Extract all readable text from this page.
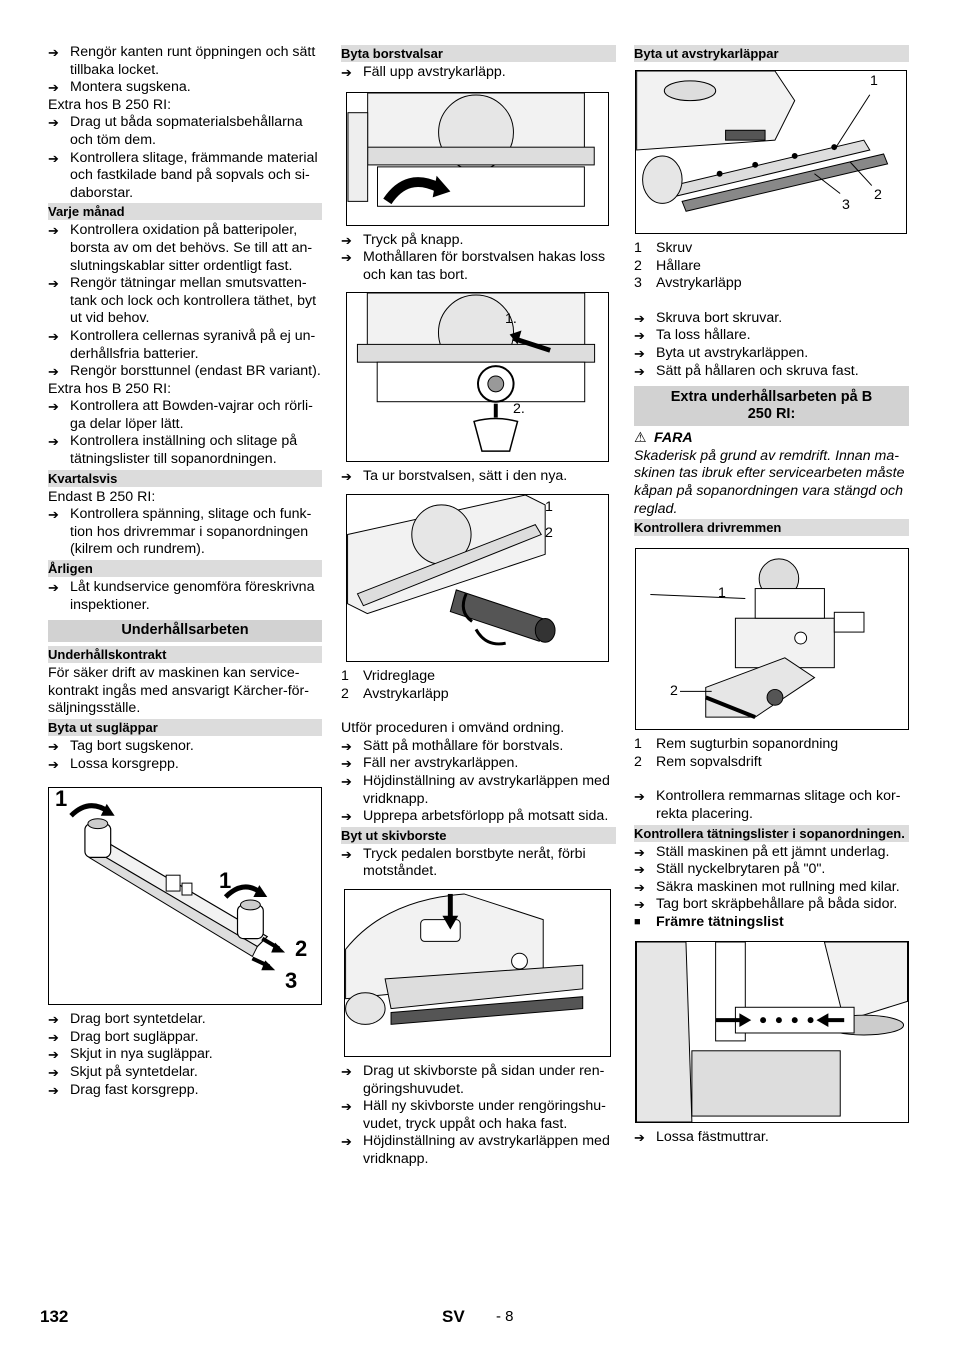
➔ Rengör kanten runt öppningen och sätt tillbaka locket.
➔ Montera sugskena.

Extra hos B 250 RI:

➔ Drag ut båda sopmaterialsbehållarna och töm dem.
➔ Kontrollera slitage, främmande material och fastkilade band på sopvals och sidaborstar.
Varje månad
➔ Kontrollera oxidation på batteripoler, borsta av om det behövs. Se till att anslutningskablar sitter ordentligt fast.
➔ Rengör tätningar mellan smutsvattentank och lock och kontrollera täthet, byt ut vid behov.
➔ Kontrollera cellernas syranivå på ej underhållsfria batterier.
➔ Rengör borsttunnel (endast BR variant).

Extra hos B 250 RI:

➔ Kontrollera att Bowden-vajrar och rörliga delar löper lätt.
➔ Kontrollera inställning och slitage på tätningslister till sopanordningen.
Kvartalsvis

Endast B 250 RI:

➔ Kontrollera spänning, slitage och funktion hos drivremmar i sopanordningen (kilrem och rundrem).
Årligen
➔ Låt kundservice genomföra föreskrivna inspektioner.
Underhållsarbeten
Underhållskontrakt

För säker drift av maskinen kan servicekontrakt ingås med ansvarigt Kärcher-försäljningsställe.

Byta ut sugläppar
➔ Tag bort sugskenor.
➔ Lossa korsgrepp.
1
1
2
3
➔ Drag bort syntetdelar.
➔ Drag bort sugläppar.
➔ Skjut in nya sugläppar.
➔ Skjut på syntetdelar.
➔ Drag fast korsgrepp.
Byta borstvalsar
➔ Fäll upp avstrykarläpp.
➔ Tryck på knapp.
➔ Mothållaren för borstvalsen hakas loss och kan tas bort.
1.
2.
➔ Ta ur borstvalsen, sätt i den nya.
1
2
1 Vridreglage
2 Avstrykarläpp

Utför proceduren i omvänd ordning.

➔ Sätt på mothållare för borstvals.
➔ Fäll ner avstrykarläppen.
➔ Höjdinställning av avstrykarläppen med vridknapp.
➔ Upprepa arbetsförlopp på motsatt sida.
Byt ut skivborste
➔ Tryck pedalen borstbyte neråt, förbi motståndet.
➔ Drag ut skivborste på sidan under rengöringshuvudet.
➔ Häll ny skivborste under rengöringshuvudet, tryck uppåt och haka fast.
➔ Höjdinställning av avstrykarläppen med vridknapp.
Byta ut avstrykarläppar
1
2
3
1 Skruv
2 Hållare
3 Avstrykarläpp
➔ Skruva bort skruvar.
➔ Ta loss hållare.
➔ Byta ut avstrykarläppen.
➔ Sätt på hållaren och skruva fast.
Extra underhållsarbeten på B 250 RI:
⚠ FARA

Skaderisk på grund av remdrift. Innan maskinen tas ibruk efter servicearbeten måste kåpan på sopanordningen vara stängd och reglad.

Kontrollera drivremmen
1
2
1 Rem sugturbin sopanordning
2 Rem sopvalsdrift
➔ Kontrollera remmarnas slitage och korrekta placering.
Kontrollera tätningslister i sopanordningen.
➔ Ställ maskinen på ett jämnt underlag.
➔ Ställ nyckelbrytaren på "0".
➔ Säkra maskinen mot rullning med kilar.
➔ Tag bort skräpbehållare på båda sidor.
■	Främre tätningslist
➔ Lossa fästmuttrar.
132	SV - 8
